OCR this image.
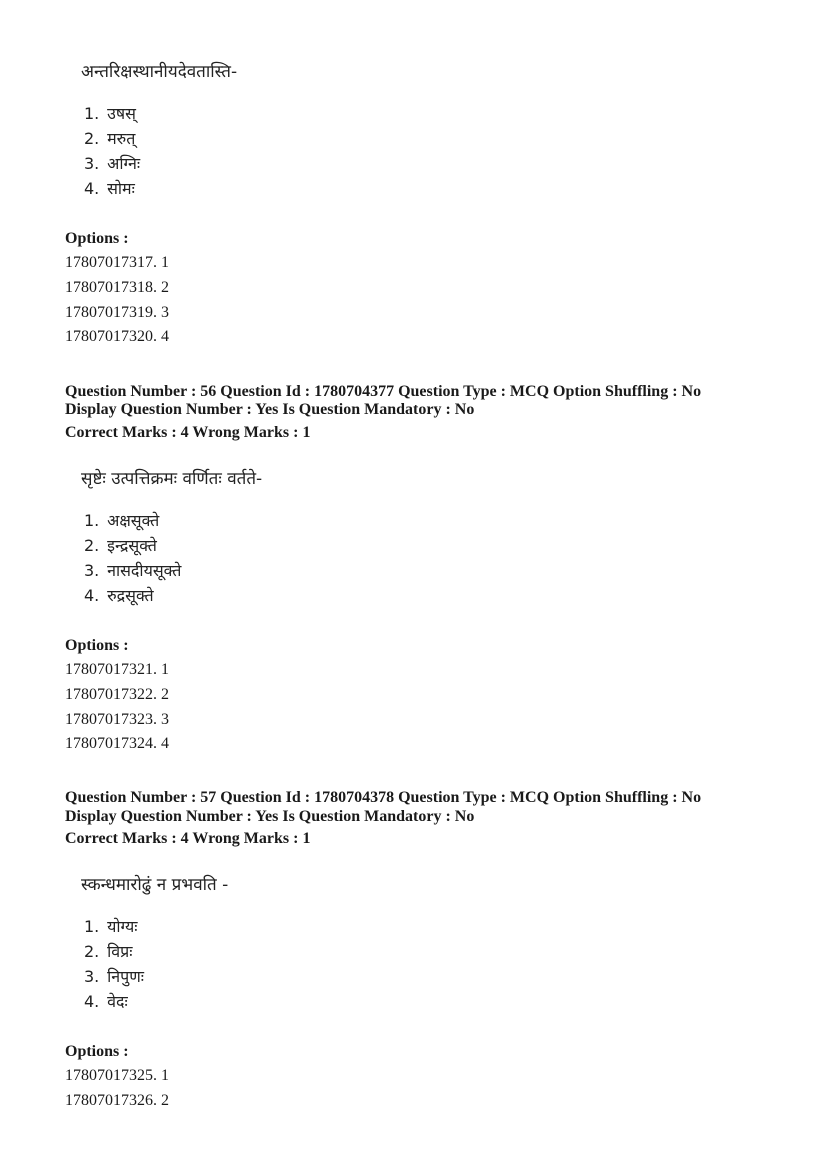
अन्तरिक्षस्थानीयदेवतास्ति-
1. उषस्
2. मरुत्
3. अग्निः
4. सोमः
Options :
17807017317. 1
17807017318. 2
17807017319. 3
17807017320. 4
Question Number : 56 Question Id : 1780704377 Question Type : MCQ Option Shuffling : No
Display Question Number : Yes Is Question Mandatory : No
Correct Marks : 4 Wrong Marks : 1
सृष्टेः उत्पत्तिक्रमः वर्णितः वर्तते-
1. अक्षसूक्ते
2. इन्द्रसूक्ते
3. नासदीयसूक्ते
4. रुद्रसूक्ते
Options :
17807017321. 1
17807017322. 2
17807017323. 3
17807017324. 4
Question Number : 57 Question Id : 1780704378 Question Type : MCQ Option Shuffling : No
Display Question Number : Yes Is Question Mandatory : No
Correct Marks : 4 Wrong Marks : 1
स्कन्धमारोढुं न प्रभवति -
1. योग्यः
2. विप्रः
3. निपुणः
4. वेदः
Options :
17807017325. 1
17807017326. 2
